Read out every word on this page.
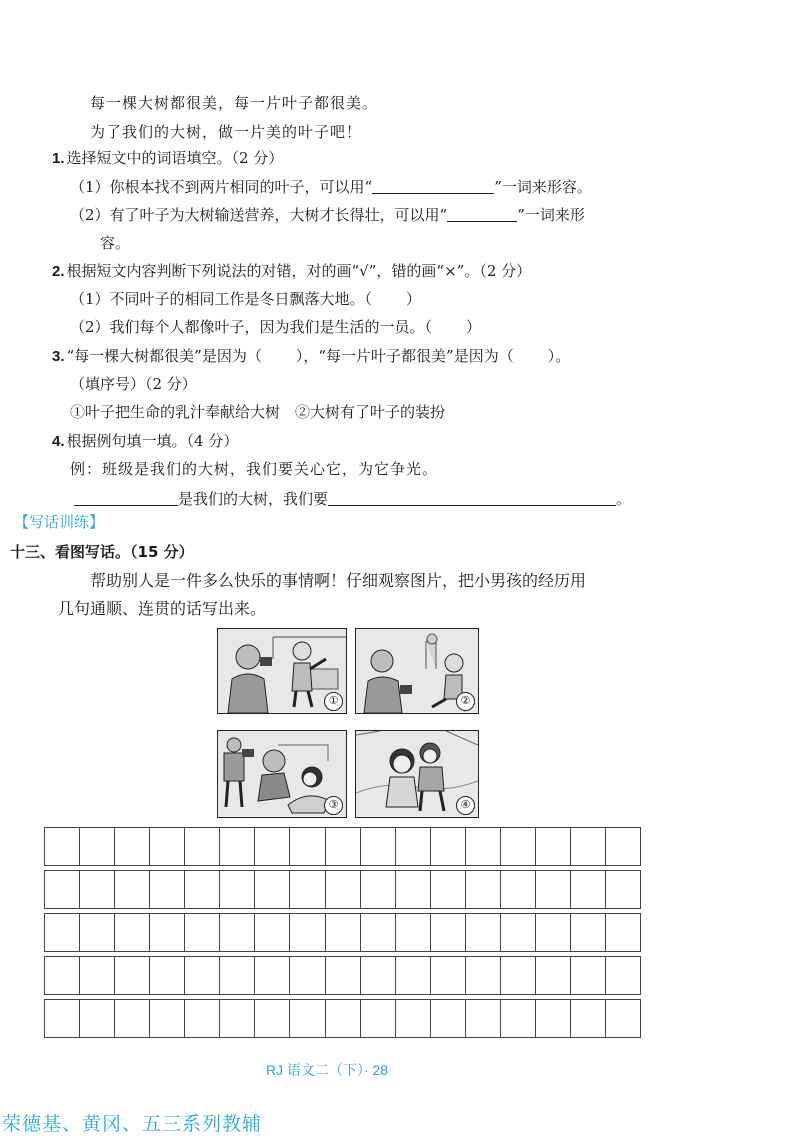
每一棵大树都很美，每一片叶子都很美。
为了我们的大树，做一片美的叶子吧！
1. 选择短文中的词语填空。（2 分）
（1）你根本找不到两片相同的叶子，可以用“	”一词来形容。
（2）有了叶子为大树输送营养，大树才长得壮，可以用“	”一词来形
容。
2. 根据短文内容判断下列说法的对错，对的画“√”，错的画“×”。（2 分）
（1）不同叶子的相同工作是冬日飘落大地。（ ）
（2）我们每个人都像叶子，因为我们是生活的一员。（ ）
3. “每一棵大树都很美”是因为（ ），“每一片叶子都很美”是因为（ ）。
（填序号）（2 分）
①叶子把生命的乳汁奉献给大树　②大树有了叶子的装扮
4. 根据例句填一填。（4 分）
例：班级是我们的大树，我们要关心它，为它争光。
是我们的大树，我们要	。
【写话训练】
十三、看图写话。（15 分）
帮助别人是一件多么快乐的事情啊！仔细观察图片，把小男孩的经历用
几句通顺、连贯的话写出来。
①	②
③	④
RJ 语文二（下）· 28
荣德基、黄冈、五三系列教辅
